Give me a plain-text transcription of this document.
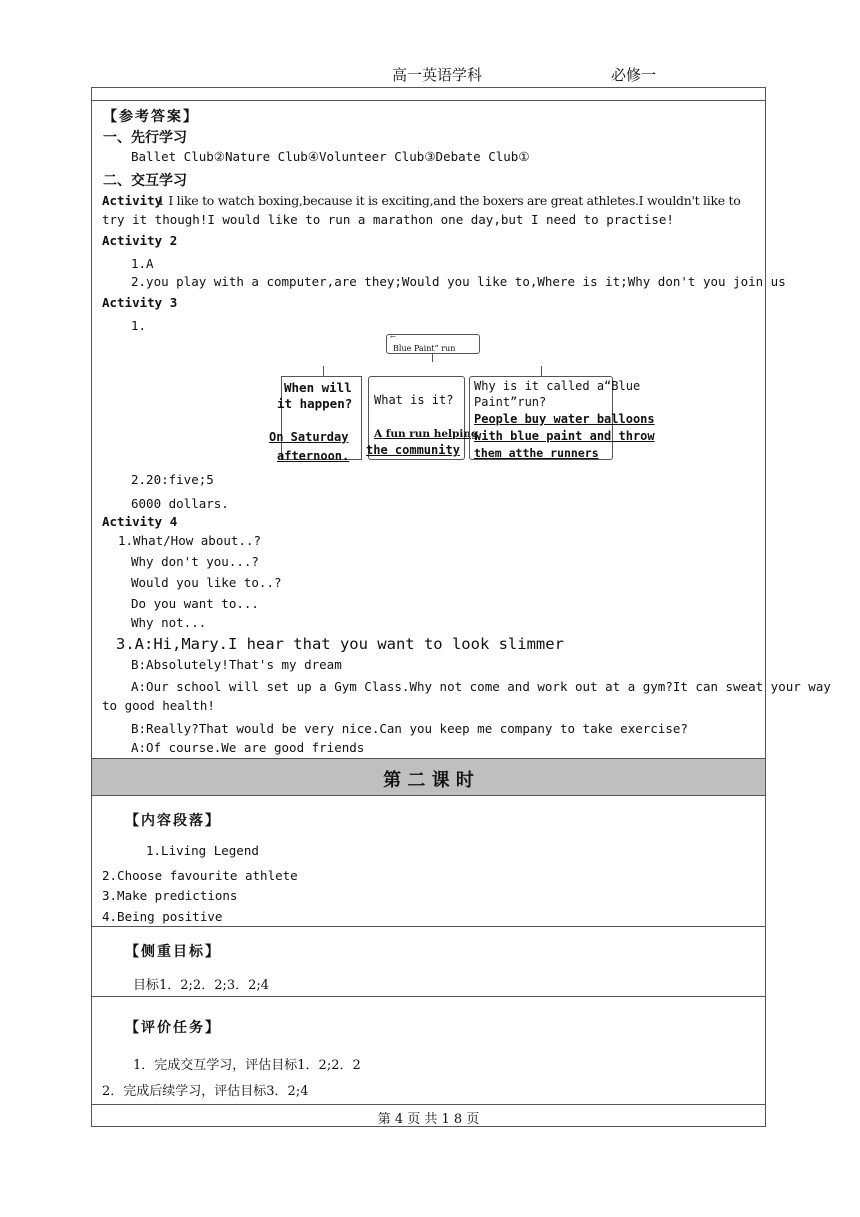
高一英语学科	必修一
【参考答案】
一、先行学习
Ballet Club②Nature Club④Volunteer Club③Debate Club①
二、交互学习
Activity
1 I like to watch boxing,because it is exciting,and the boxers are great athletes.I wouldn't like to
try it though!I would like to run a marathon one day,but I need to practise!
Activity 2
1.A
2.you play with a computer,are they;Would you like to,Where is it;Why don't you join us
Activity 3
1.
←
Blue Paint” run
When will
it happen?
On Saturday
afternoon.
What is it?
A fun run helping
the community
Why is it called a“Blue
Paint”run?
People buy water balloons
with blue paint and throw
them atthe runners
2.20:five;5
6000 dollars.
Activity 4
1.What/How about..?
Why don't you...?
Would you like to..?
Do you want to...
Why not...
3.A:Hi,Mary.I hear that you want to look slimmer
B:Absolutely!That's my dream
A:Our school will set up a Gym Class.Why not come and work out at a gym?It can sweat your way
to good health!
B:Really?That would be very nice.Can you keep me company to take exercise?
A:Of course.We are good friends
第 二 课 时
【内容段落】
1.Living Legend
2.Choose favourite athlete
3.Make predictions
4.Being positive
【侧重目标】
目标1．2;2．2;3．2;4
【评价任务】
1．完成交互学习，评估目标1．2;2．2
2．完成后续学习，评估目标3．2;4
第 4 页 共 1 8 页
